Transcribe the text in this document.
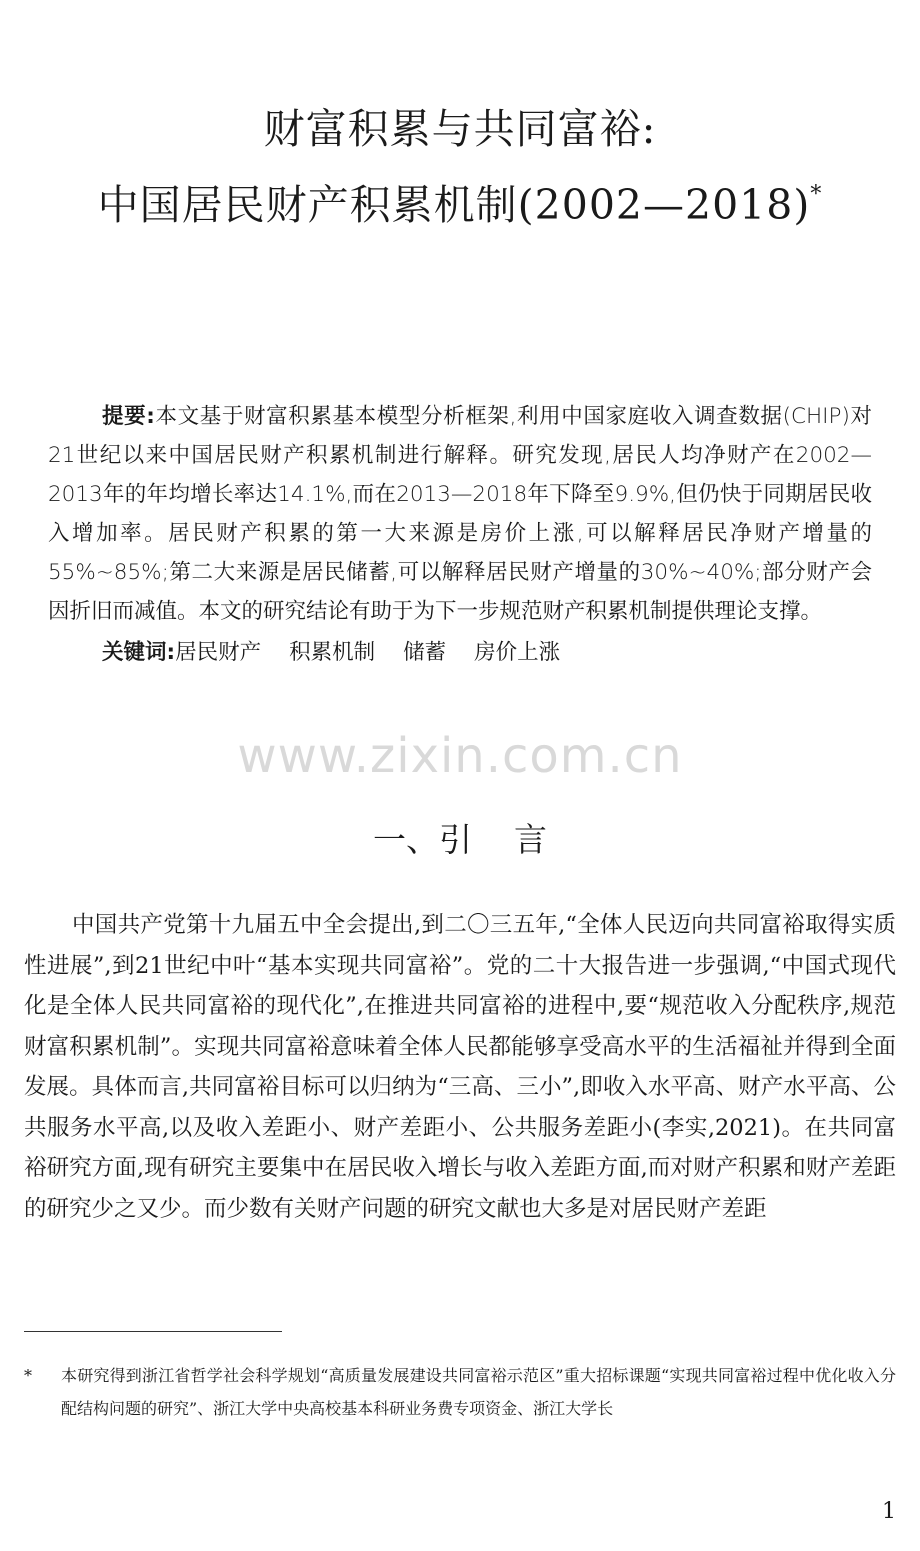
财富积累与共同富裕:
中国居民财产积累机制(2002—2018)*

提要:本文基于财富积累基本模型分析框架,利用中国家庭收入调查数据(CHIP)对21世纪以来中国居民财产积累机制进行解释。研究发现,居民人均净财产在2002—2013年的年均增长率达14.1%,而在2013—2018年下降至9.9%,但仍快于同期居民收入增加率。居民财产积累的第一大来源是房价上涨,可以解释居民净财产增量的55%~85%;第二大来源是居民储蓄,可以解释居民财产增量的30%~40%;部分财产会因折旧而减值。本文的研究结论有助于为下一步规范财产积累机制提供理论支撑。

关键词:居民财产 积累机制 储蓄 房价上涨

www.zixin.com.cn
一、引    言

中国共产党第十九届五中全会提出,到二〇三五年,“全体人民迈向共同富裕取得实质性进展”,到21世纪中叶“基本实现共同富裕”。党的二十大报告进一步强调,“中国式现代化是全体人民共同富裕的现代化”,在推进共同富裕的进程中,要“规范收入分配秩序,规范财富积累机制”。实现共同富裕意味着全体人民都能够享受高水平的生活福祉并得到全面发展。具体而言,共同富裕目标可以归纳为“三高、三小”,即收入水平高、财产水平高、公共服务水平高,以及收入差距小、财产差距小、公共服务差距小(李实,2021)。在共同富裕研究方面,现有研究主要集中在居民收入增长与收入差距方面,而对财产积累和财产差距的研究少之又少。而少数有关财产问题的研究文献也大多是对居民财产差距

* 本研究得到浙江省哲学社会科学规划“高质量发展建设共同富裕示范区”重大招标课题“实现共同富裕过程中优化收入分配结构问题的研究”、浙江大学中央高校基本科研业务费专项资金、浙江大学长
1
